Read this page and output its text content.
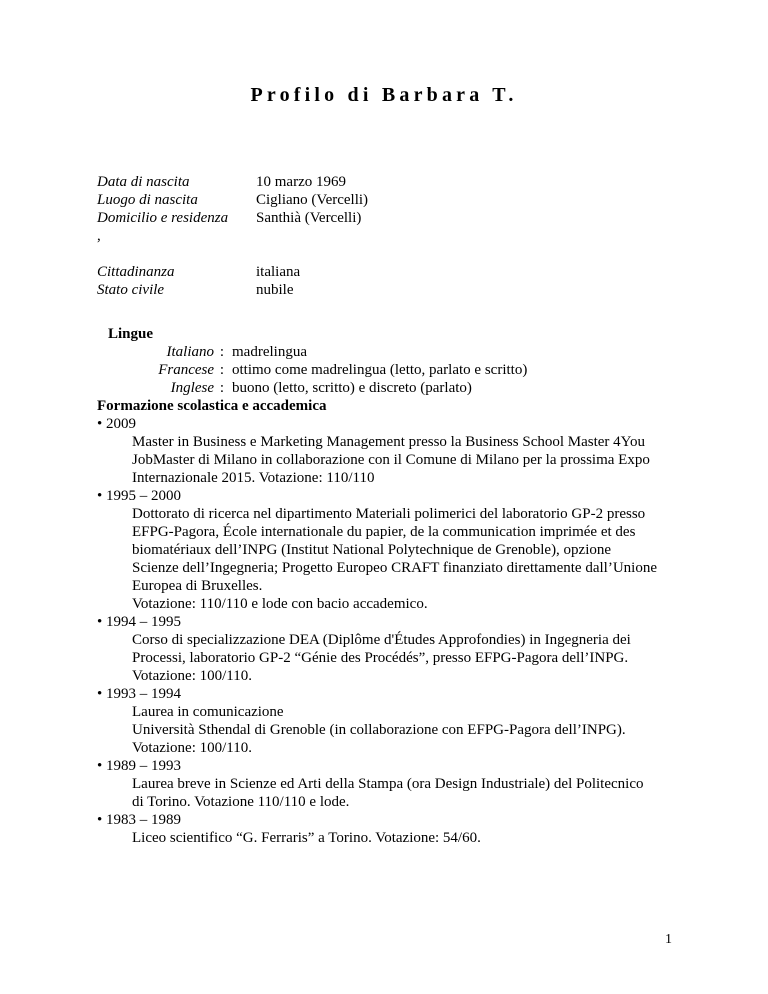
Profilo di Barbara T.
Data di nascita	10 marzo 1969
Luogo di nascita	Cigliano (Vercelli)
Domicilio e residenza	Santhià (Vercelli)
,
Cittadinanza	italiana
Stato civile	nubile
Lingue
Italiano : madrelingua
Francese : ottimo come madrelingua (letto, parlato e scritto)
Inglese : buono (letto, scritto) e discreto (parlato)
Formazione scolastica e accademica
• 2009
Master in Business e Marketing Management presso la Business School Master 4You
JobMaster di Milano in collaborazione con il Comune di Milano per la prossima Expo
Internazionale 2015. Votazione: 110/110
• 1995 – 2000
Dottorato di ricerca nel dipartimento Materiali polimerici del laboratorio GP-2 presso
EFPG-Pagora, École internationale du papier, de la communication imprimée et des
biomatériaux dell’INPG (Institut National Polytechnique de Grenoble), opzione
Scienze dell’Ingegneria; Progetto Europeo CRAFT finanziato direttamente dall’Unione
Europea di Bruxelles.
Votazione: 110/110 e lode con bacio accademico.
• 1994 – 1995
Corso di specializzazione DEA (Diplôme d'Études Approfondies) in Ingegneria dei
Processi, laboratorio GP-2 “Génie des Procédés”, presso EFPG-Pagora dell’INPG.
Votazione: 100/110.
• 1993 – 1994
Laurea in comunicazione
Università Sthendal di Grenoble (in collaborazione con EFPG-Pagora dell’INPG).
Votazione: 100/110.
• 1989 – 1993
Laurea breve in Scienze ed Arti della Stampa (ora Design Industriale) del Politecnico
di Torino. Votazione 110/110 e lode.
• 1983 – 1989
Liceo scientifico “G. Ferraris” a Torino. Votazione: 54/60.
1
